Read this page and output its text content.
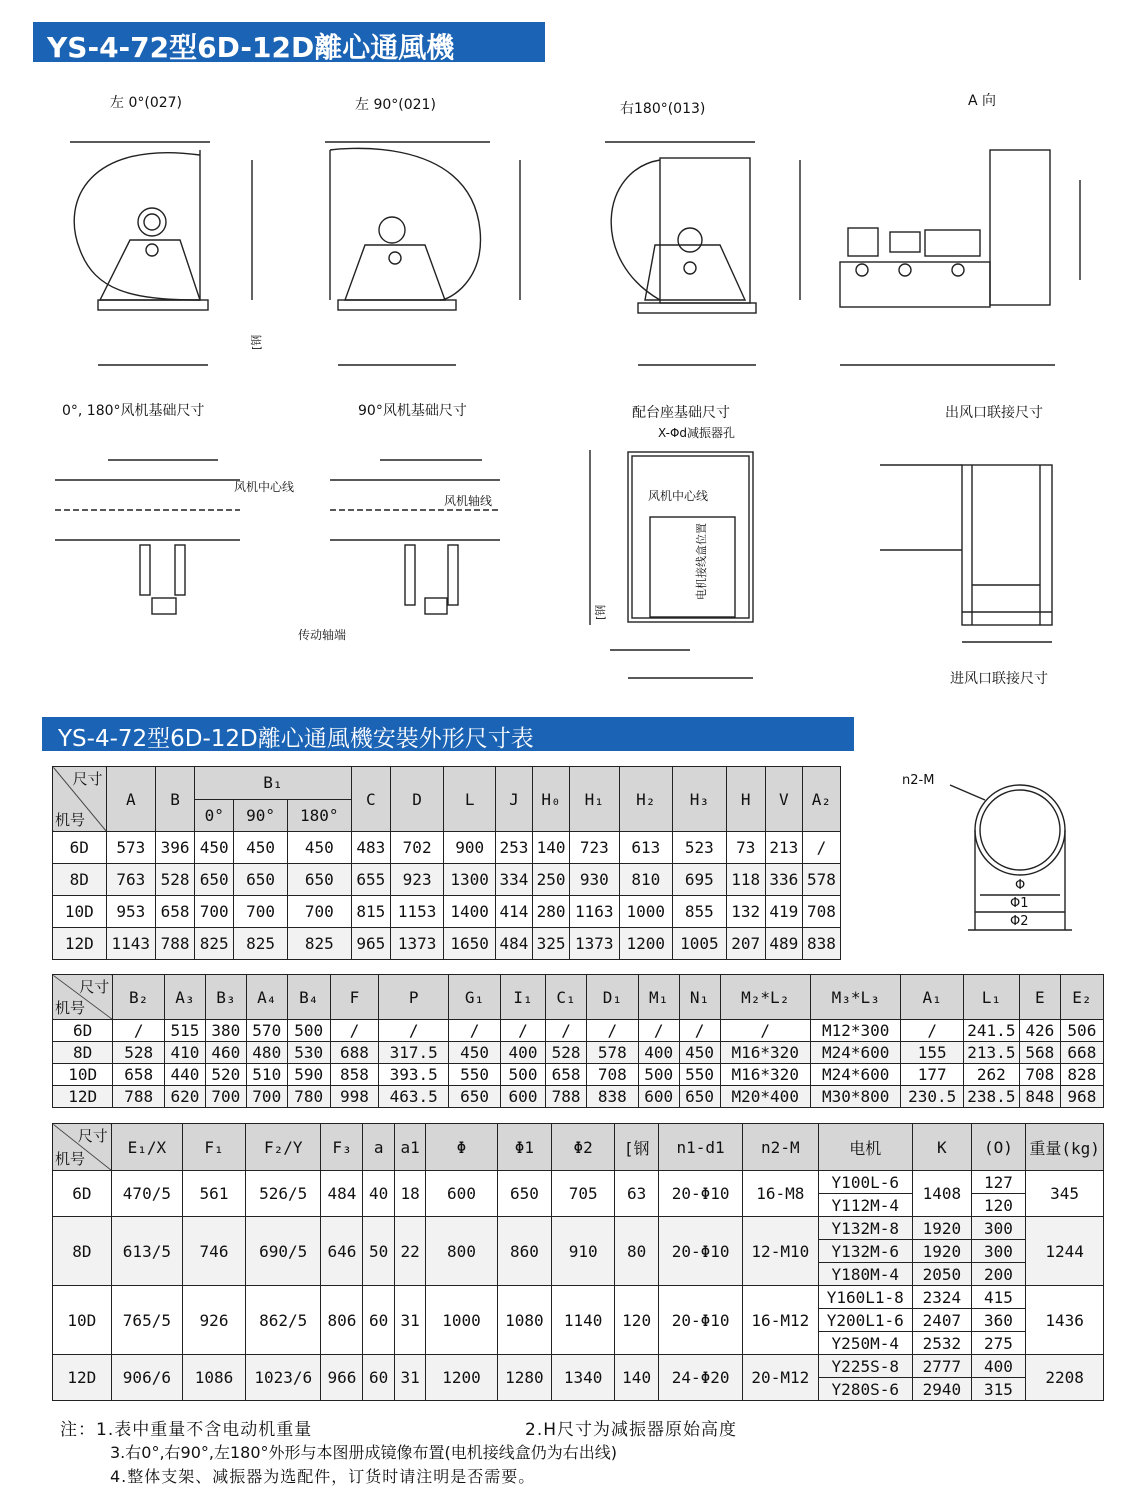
YS-4-72型6D-12D離心通風機
YS-4-72型6D-12D離心通風機安裝外形尺寸表
左 0°(027)	左 90°(021)	右180°(013)	A 向
0°, 180°风机基础尺寸	90°风机基础尺寸	配台座基础尺寸	出风口联接尺寸
进风口联接尺寸
风机中心线
风机轴线
传动轴端
风机中心线
X-Φd减振器孔
电机接线盒位置
[钢
[钢
n2-M
Φ
Φ1
Φ2
尺寸
机号	A	B	B₁			C	D	L	J	H₀	H₁	H₂	H₃	H	V	A₂
			0°	90°	180°											
6D	573	396	450	450	450	483	702	900	253	140	723	613	523	73	213	/
8D	763	528	650	650	650	655	923	1300	334	250	930	810	695	118	336	578
10D	953	658	700	700	700	815	1153	1400	414	280	1163	1000	855	132	419	708
12D	1143	788	825	825	825	965	1373	1650	484	325	1373	1200	1005	207	489	838
尺寸
机号	B₂	A₃	B₃	A₄	B₄	F	P	G₁	I₁	C₁	D₁	M₁	N₁	M₂*L₂	M₃*L₃	A₁	L₁	E	E₂
6D	/	515	380	570	500	/	/	/	/	/	/	/	/	/	M12*300	/	241.5	426	506
8D	528	410	460	480	530	688	317.5	450	400	528	578	400	450	M16*320	M24*600	155	213.5	568	668
10D	658	440	520	510	590	858	393.5	550	500	658	708	500	550	M16*320	M24*600	177	262	708	828
12D	788	620	700	700	780	998	463.5	650	600	788	838	600	650	M20*400	M30*800	230.5	238.5	848	968
尺寸
机号	E₁/X	F₁	F₂/Y	F₃	a	a1	Φ	Φ1	Φ2	[钢	n1-d1	n2-M	电机	K	(O)	重量(kg)
6D	470/5	561	526/5	484	40	18	600	650	705	63	20-Φ10	16-M8	Y100L-6	1408	127	345
													Y112M-4		120	
8D	613/5	746	690/5	646	50	22	800	860	910	80	20-Φ10	12-M10	Y132M-8	1920	300	1244
													Y132M-6	1920	300	
													Y180M-4	2050	200	
10D	765/5	926	862/5	806	60	31	1000	1080	1140	120	20-Φ10	16-M12	Y160L1-8	2324	415	1436
													Y200L1-6	2407	360	
													Y250M-4	2532	275	
12D	906/6	1086	1023/6	966	60	31	1200	1280	1340	140	24-Φ20	20-M12	Y225S-8	2777	400	2208
													Y280S-6	2940	315	
注：1.表中重量不含电动机重量	2.H尺寸为减振器原始高度
3.右0°,右90°,左180°外形与本图册成镜像布置(电机接线盒仍为右出线)
4.整体支架、减振器为选配件，订货时请注明是否需要。
